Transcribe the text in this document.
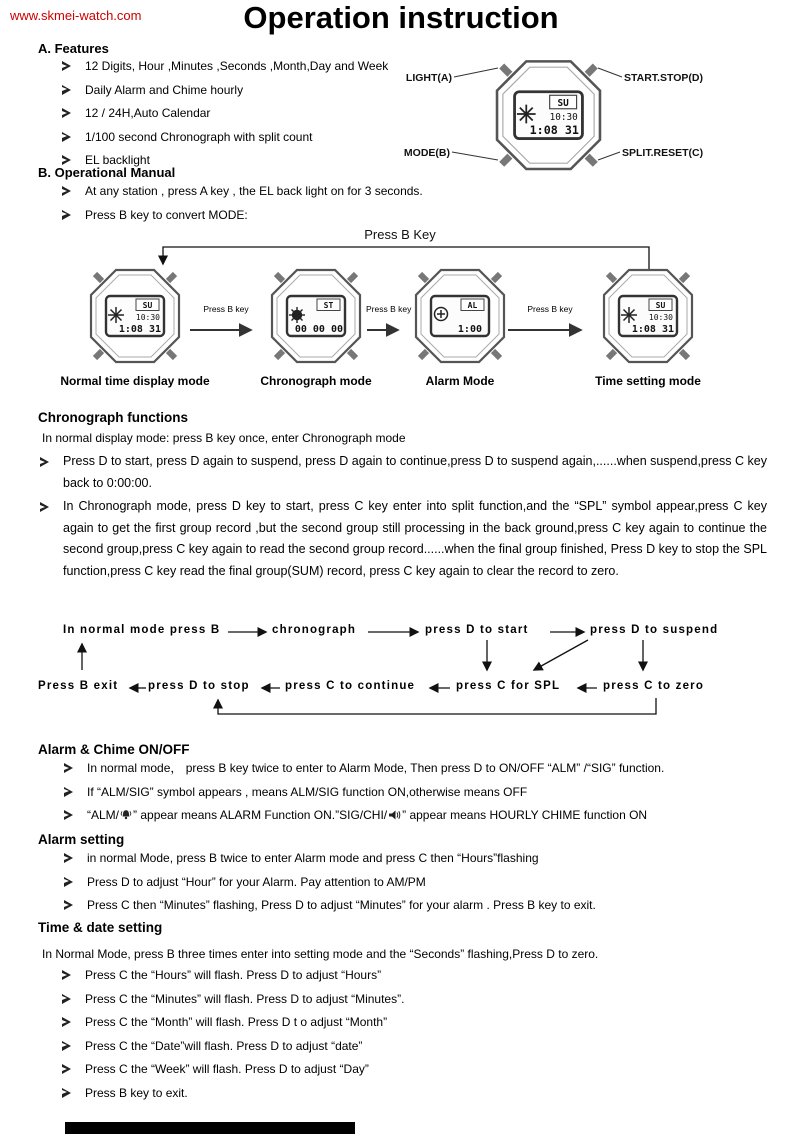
www.skmei-watch.com	Operation instruction
A. Features
12 Digits, Hour ,Minutes ,Seconds ,Month,Day and Week
Daily Alarm and Chime hourly
12 / 24H,Auto Calendar
1/100 second Chronograph with split count
EL backlight
SU
10:30
1:08 31
LIGHT(A)
MODE(B)
START.STOP(D)
SPLIT.RESET(C)
B. Operational Manual
At any station , press A key , the EL back light on for 3 seconds.
Press B key to convert MODE:
Press B Key
SU
10:30
1:08 31
Normal time display mode
Press B key	ST
00 00 00
Chronograph mode
Press B key	AL
1:00
Alarm Mode
Press B key	SU
10:30
1:08 31
Time setting mode
Chronograph functions
In normal display mode: press B key once, enter Chronograph mode
Press D to start, press D again to suspend, press D again to continue,press D to suspend again,......when suspend,press C key back to 0:00:00.
In Chronograph mode, press D key to start, press C key enter into split function,and the “SPL” symbol appear,press C key again to get the first group record ,but the second group still processing in the back ground,press C key again to continue the second group,press C key again to read the second group record......when the final group finished, Press D key to stop the SPL function,press C key read the final group(SUM) record, press C key again to clear the record to zero.
In normal mode press B	chronograph	press D to start	press D to suspend
Press B exit	press D to stop	press C to continue	press C for SPL	press C to zero
Alarm & Chime ON/OFF
In normal mode， press B key twice to enter to Alarm Mode, Then press D to ON/OFF “ALM” /“SIG” function.
If “ALM/SIG” symbol appears , means ALM/SIG function ON,otherwise means OFF
“ALM/ ” appear means ALARM Function ON.”SIG/CHI/ ” appear means HOURLY CHIME function ON
Alarm setting
in normal Mode, press B twice to enter Alarm mode and press C then “Hours”flashing
Press D to adjust “Hour” for your Alarm. Pay attention to AM/PM
Press C then “Minutes” flashing, Press D to adjust “Minutes” for your alarm . Press B key to exit.
Time & date setting
In Normal Mode, press B three times enter into setting mode and the “Seconds” flashing,Press D to zero.
Press C the “Hours” will flash. Press D to adjust “Hours”
Press C the “Minutes” will flash. Press D to adjust “Minutes”.
Press C the “Month” will flash. Press D t o adjust “Month”
Press C the “Date”will flash. Press D to adjust “date”
Press C the “Week” will flash. Press D to adjust “Day”
Press B key to exit.
